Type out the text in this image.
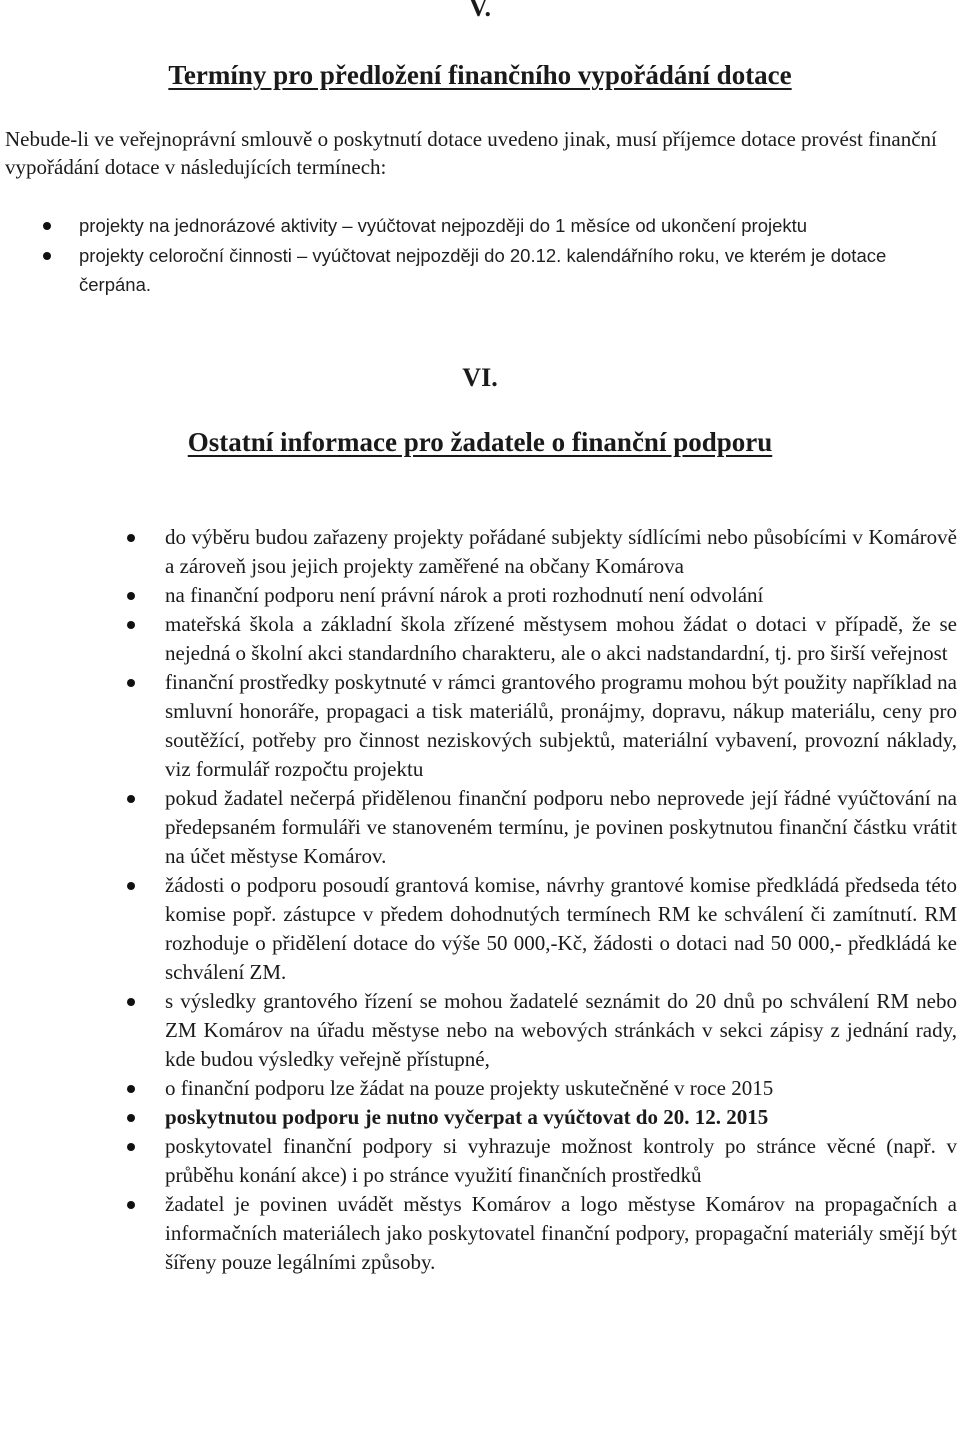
V.
Termíny pro předložení finančního vypořádání dotace

Nebude-li ve veřejnoprávní smlouvě o poskytnutí dotace uvedeno jinak, musí příjemce dotace provést finanční vypořádání dotace v následujících termínech:

projekty na jednorázové aktivity – vyúčtovat nejpozději do 1 měsíce od ukončení projektu
projekty celoroční činnosti – vyúčtovat nejpozději do 20.12. kalendářního roku, ve kterém je dotace čerpána.
VI.
Ostatní informace pro žadatele o finanční podporu
do výběru budou zařazeny projekty pořádané subjekty sídlícími nebo působícími v Komárově a zároveň jsou jejich projekty zaměřené na občany Komárova
na finanční podporu není právní nárok a proti rozhodnutí není odvolání
mateřská škola a základní škola zřízené městysem mohou žádat o dotaci v případě, že se nejedná o školní akci standardního charakteru, ale o akci nadstandardní, tj. pro širší veřejnost
finanční prostředky poskytnuté v rámci grantového programu mohou být použity například na smluvní honoráře, propagaci a tisk materiálů, pronájmy, dopravu, nákup materiálu, ceny pro soutěžící, potřeby pro činnost neziskových subjektů, materiální vybavení, provozní náklady, viz formulář rozpočtu projektu
pokud žadatel nečerpá přidělenou finanční podporu nebo neprovede její řádné vyúčtování na předepsaném formuláři ve stanoveném termínu, je povinen poskytnutou finanční částku vrátit na účet městyse Komárov.
žádosti o podporu posoudí grantová komise, návrhy grantové komise předkládá předseda této komise popř. zástupce v předem dohodnutých termínech RM ke schválení či zamítnutí. RM rozhoduje o přidělení dotace do výše 50 000,-Kč, žádosti o dotaci nad 50 000,- předkládá ke schválení ZM.
s výsledky grantového řízení se mohou žadatelé seznámit do 20 dnů po schválení RM nebo ZM Komárov na úřadu městyse nebo na webových stránkách v sekci zápisy z jednání rady, kde budou výsledky veřejně přístupné,
o finanční podporu lze žádat na pouze projekty uskutečněné v roce 2015
poskytnutou podporu je nutno vyčerpat a vyúčtovat do 20. 12. 2015
poskytovatel finanční podpory si vyhrazuje možnost kontroly po stránce věcné (např. v průběhu konání akce) i po stránce využití finančních prostředků
žadatel je povinen uvádět městys Komárov a logo městyse Komárov na propagačních a informačních materiálech jako poskytovatel finanční podpory, propagační materiály smějí být šířeny pouze legálními způsoby.
